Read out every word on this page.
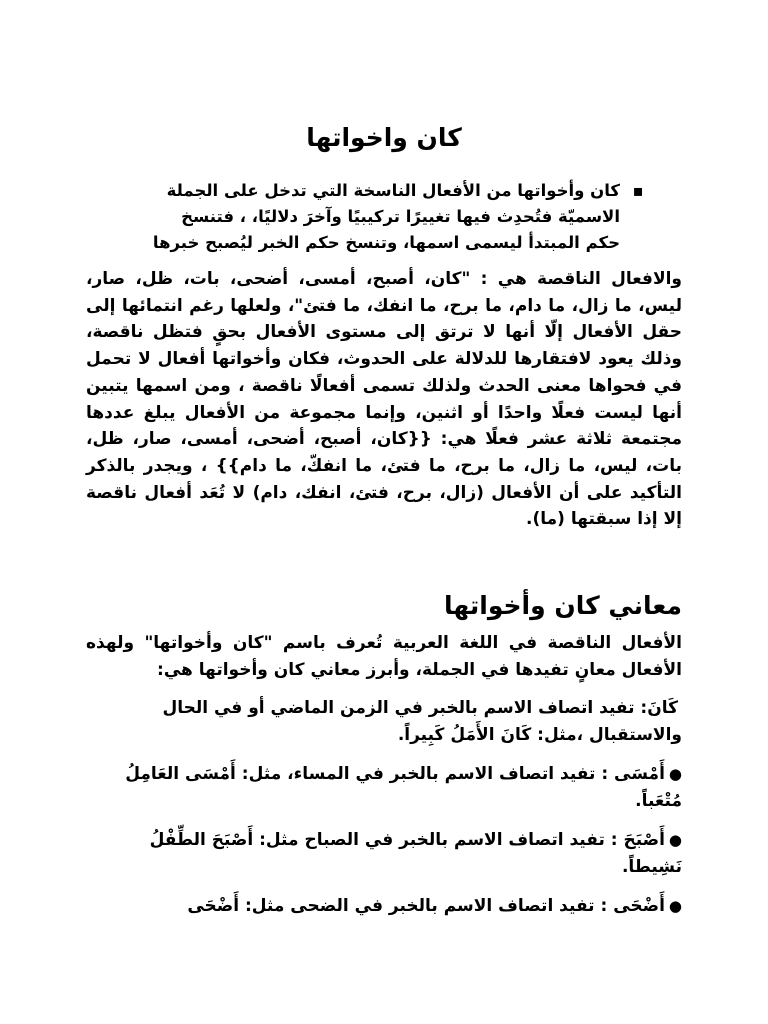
كان واخواتها
▪

كان وأخواتها من الأفعال الناسخة التي تدخل على الجملة الاسميّة فتُحدِث فيها تغييرًا تركيبيًا وآخرَ دلاليًا، ، فتنسخ حكم المبتدأ ليسمى اسمها، وتنسخ حكم الخبر ليُصبح خبرها

والافعال الناقصة هي : "كان، أصبح، أمسى، أضحى، بات، ظل، صار، ليس، ما زال، ما دام، ما برح، ما انفك، ما فتئ"، ولعلها رغم انتمائها إلى حقل الأفعال إلّا أنها لا ترتق إلى مستوى الأفعال بحقٍ فتظل ناقصة، وذلك يعود لافتقارها للدلالة على الحدوث، فكان وأخواتها أفعال لا تحمل في فحواها معنى الحدث ولذلك تسمى أفعالًا ناقصة ، ومن اسمها يتبين أنها ليست فعلًا واحدًا أو اثنين، وإنما مجموعة من الأفعال يبلغ عددها مجتمعة ثلاثة عشر فعلًا هي: {{كان، أصبح، أضحى، أمسى، صار، ظل، بات، ليس، ما زال، ما برح، ما فتئ، ما انفكّ، ما دام}} ، ويجدر بالذكر التأكيد على أن الأفعال (زال، برح، فتئ، انفك، دام) لا تُعَد أفعال ناقصة إلا إذا سبقتها (ما).

معاني كان وأخواتها

الأفعال الناقصة في اللغة العربية تُعرف باسم "كان وأخواتها" ولهذه الأفعال معانٍ تفيدها في الجملة، وأبرز معاني كان وأخواتها هي:

كَانَ: تفيد اتصاف الاسم بالخبر في الزمن الماضي أو في الحال والاستقبال ،مثل: كَانَ الأَمَلُ كَبِيراً.
●أَمْسَى : تفيد اتصاف الاسم بالخبر في المساء، مثل: أَمْسَى العَامِلُ مُتْعَباً.
●أَصْبَحَ : تفيد اتصاف الاسم بالخبر في الصباح مثل: أَصْبَحَ الطِّفْلُ نَشِيطاً.
●أَضْحَى : تفيد اتصاف الاسم بالخبر في الضحى مثل: أَضْحَى
